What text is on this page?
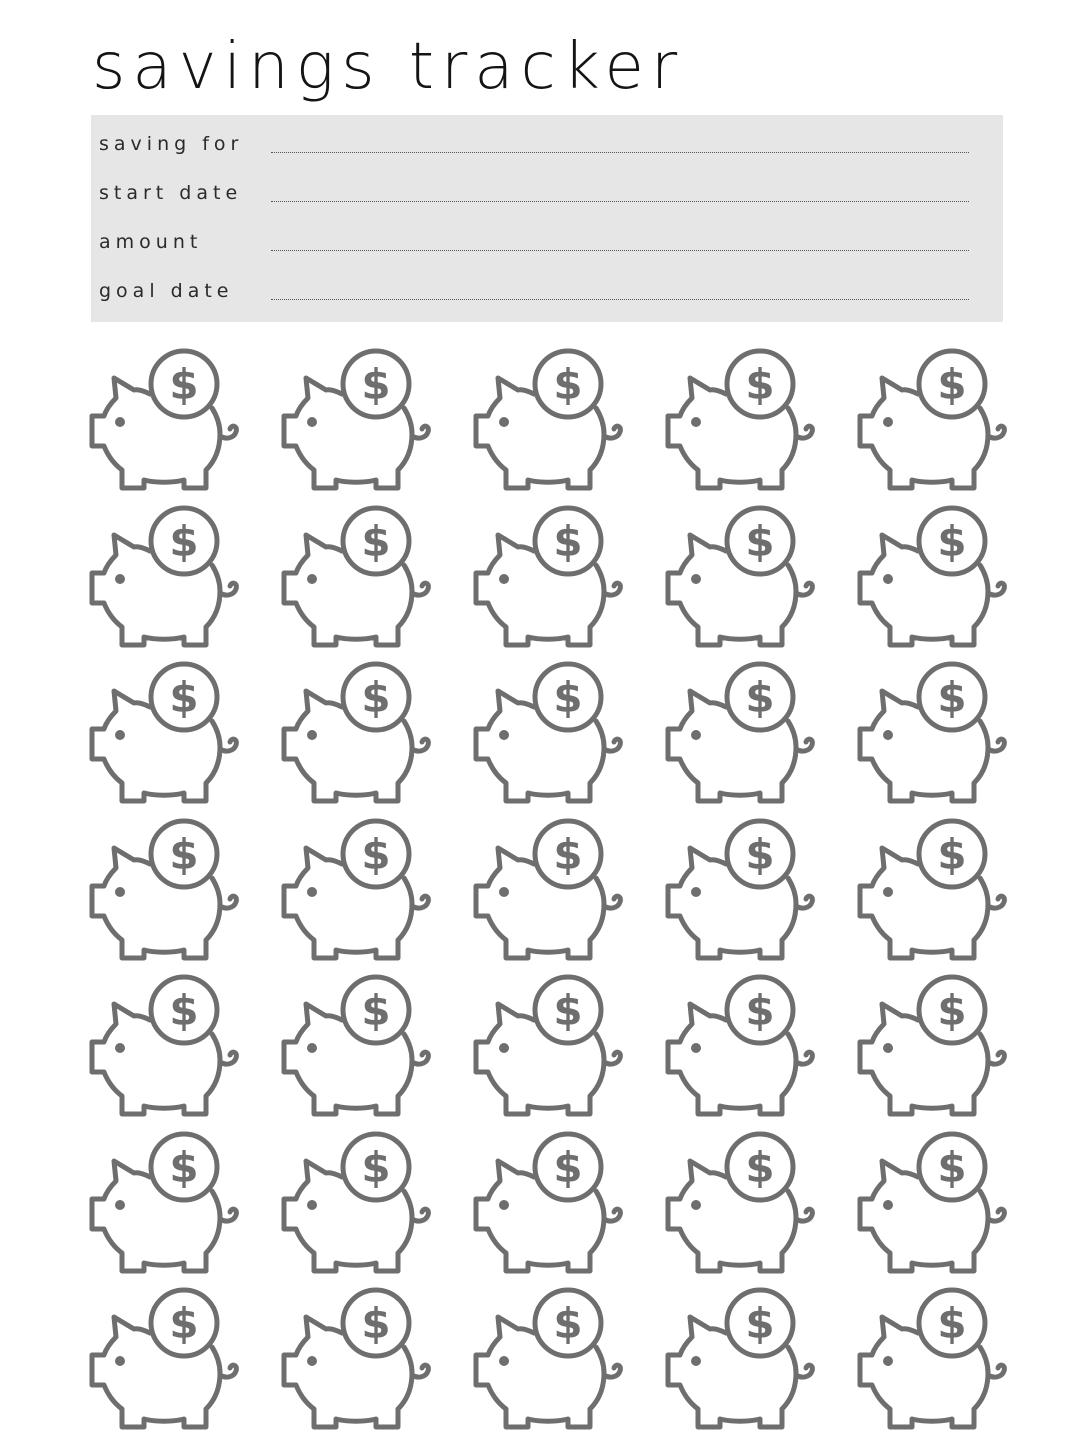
savings tracker
saving for
start date
amount
goal date
$	$	$	$	$
$	$	$	$	$
$	$	$	$	$
$	$	$	$	$
$	$	$	$	$
$	$	$	$	$
$	$	$	$	$
